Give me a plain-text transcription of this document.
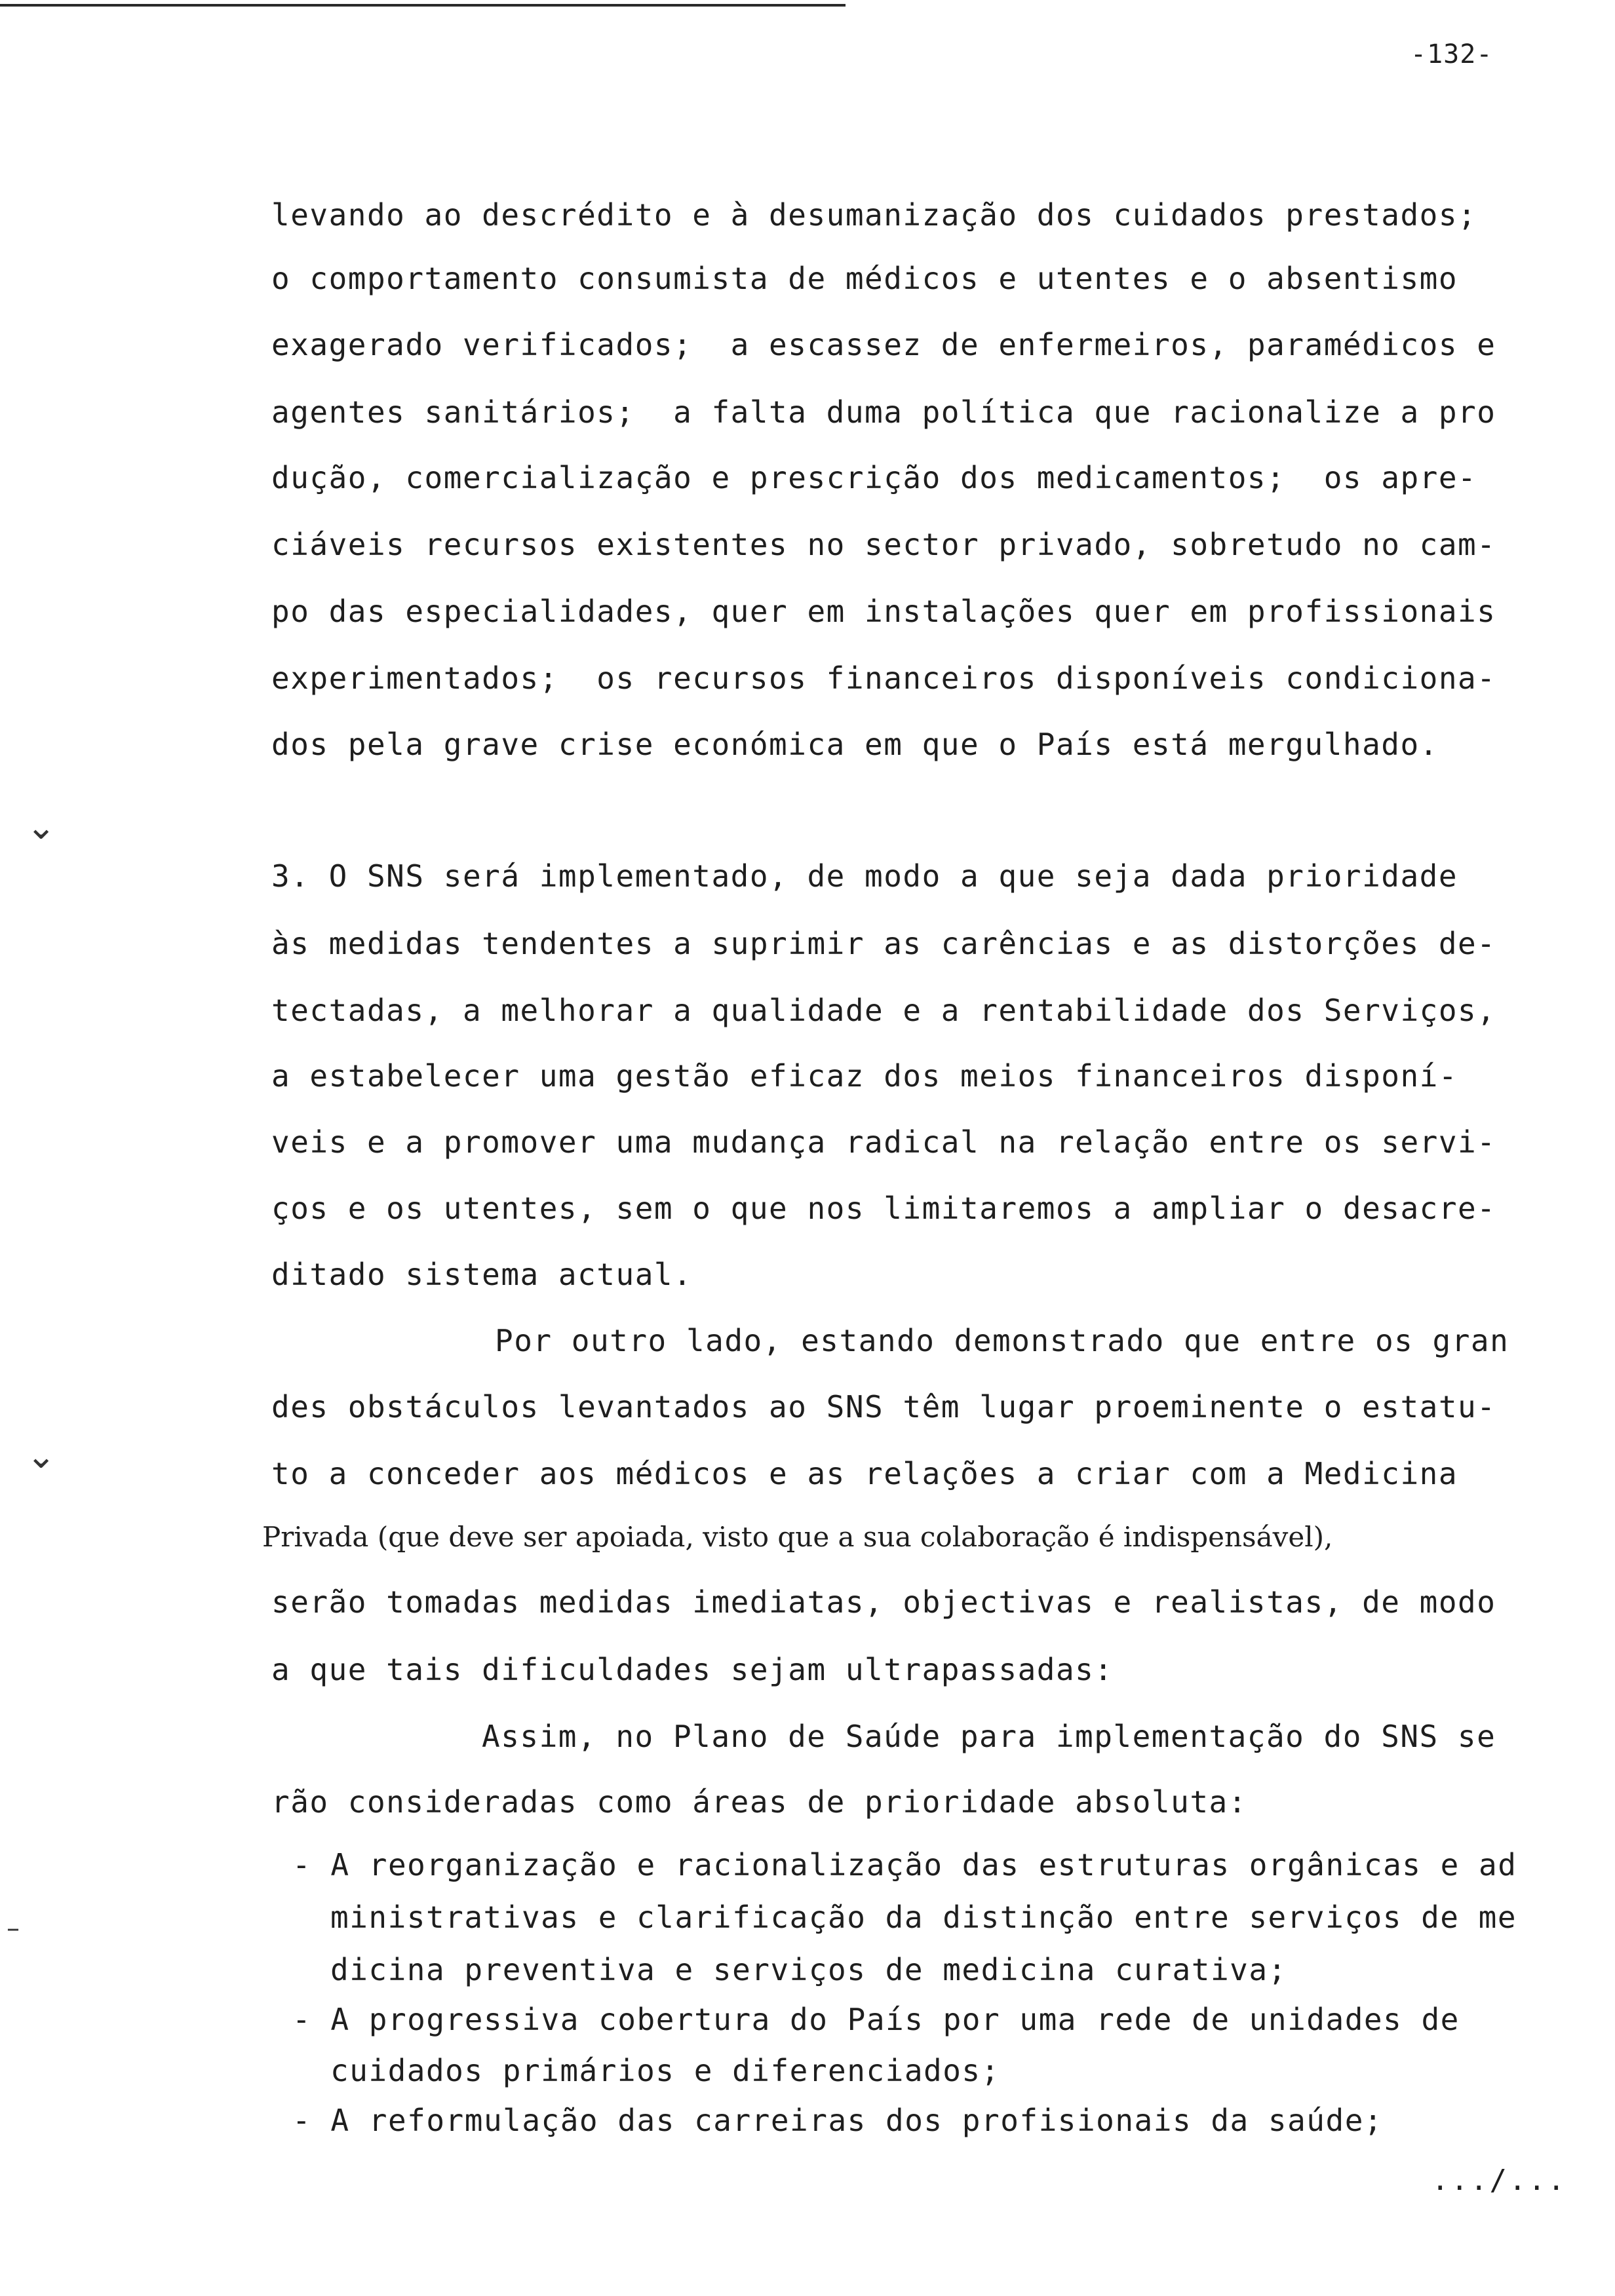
-132-
levando ao descrédito e à desumanização dos cuidados prestados;
o comportamento consumista de médicos e utentes e o absentismo
exagerado verificados;  a escassez de enfermeiros, paramédicos e
agentes sanitários;  a falta duma política que racionalize a pro
dução, comercialização e prescrição dos medicamentos;  os apre-
ciáveis recursos existentes no sector privado, sobretudo no cam-
po das especialidades, quer em instalações quer em profissionais
experimentados;  os recursos financeiros disponíveis condiciona-
dos pela grave crise económica em que o País está mergulhado.
3. O SNS será implementado, de modo a que seja dada prioridade
às medidas tendentes a suprimir as carências e as distorções de-
tectadas, a melhorar a qualidade e a rentabilidade dos Serviços,
a estabelecer uma gestão eficaz dos meios financeiros disponí-
veis e a promover uma mudança radical na relação entre os servi-
ços e os utentes, sem o que nos limitaremos a ampliar o desacre-
ditado sistema actual.
Por outro lado, estando demonstrado que entre os gran
des obstáculos levantados ao SNS têm lugar proeminente o estatu-
to a conceder aos médicos e as relações a criar com a Medicina
Privada (que deve ser apoiada, visto que a sua colaboração é indispensável),
serão tomadas medidas imediatas, objectivas e realistas, de modo
a que tais dificuldades sejam ultrapassadas:
Assim, no Plano de Saúde para implementação do SNS se
rão consideradas como áreas de prioridade absoluta:
- A reorganização e racionalização das estruturas orgânicas e ad
ministrativas e clarificação da distinção entre serviços de me
dicina preventiva e serviços de medicina curativa;
- A progressiva cobertura do País por uma rede de unidades de
cuidados primários e diferenciados;
- A reformulação das carreiras dos profisionais da saúde;
⌄
⌄
–
.../...
